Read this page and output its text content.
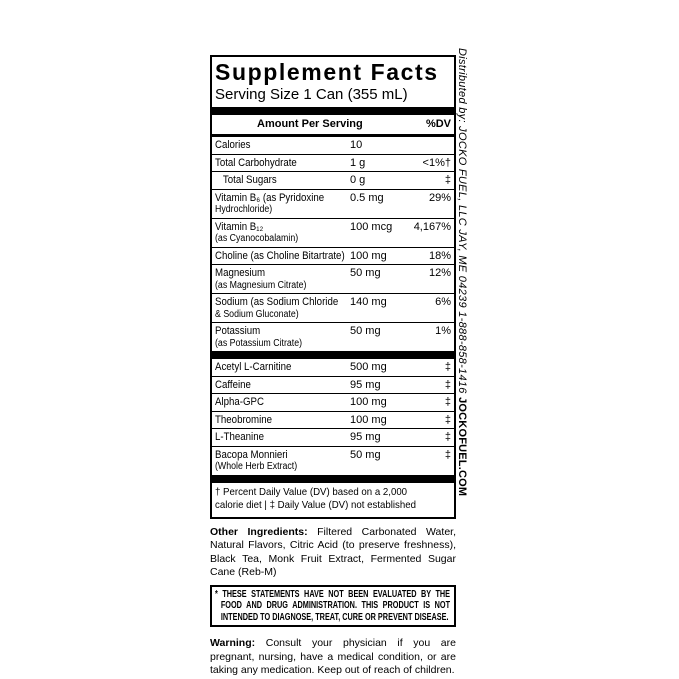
Supplement Facts
Serving Size 1 Can (355 mL)
Amount Per Serving	%DV
Calories	10
Total Carbohydrate	1 g	<1%†
Total Sugars	0 g	‡
Vitamin B₆ (as Pyridoxine
Hydrochloride)
0.5 mg	29%
Vitamin B₁₂
(as Cyanocobalamin)
100 mcg 4,167%
Choline (as Choline Bitartrate) 100 mg	18%
Magnesium
(as Magnesium Citrate)
50 mg	12%
Sodium (as Sodium Chloride
& Sodium Gluconate)
140 mg	6%
Potassium
(as Potassium Citrate)
50 mg	1%
Acetyl L-Carnitine	500 mg	‡
Caffeine	95 mg	‡
Alpha-GPC	100 mg	‡
Theobromine	100 mg	‡
L-Theanine	95 mg	‡
Bacopa Monnieri
(Whole Herb Extract)
50 mg	‡
† Percent Daily Value (DV) based on a 2,000
calorie diet | ‡ Daily Value (DV) not established
Other Ingredients: Filtered Carbonated Water, Natural Flavors, Citric Acid (to preserve freshness), Black Tea, Monk Fruit Extract, Fermented Sugar Cane (Reb-M)
* THESE STATEMENTS HAVE NOT BEEN EVALUATED BY THE FOOD AND DRUG ADMINISTRATION. THIS PRODUCT IS NOT INTENDED TO DIAGNOSE, TREAT, CURE OR PREVENT DISEASE.
Warning: Consult your physician if you are pregnant, nursing, have a medical condition, or are taking any medication. Keep out of reach of children.
Distributed by: JOCKO FUEL, LLC JAY, ME 04239 1-888-858-1416 JOCKOFUEL.COM
